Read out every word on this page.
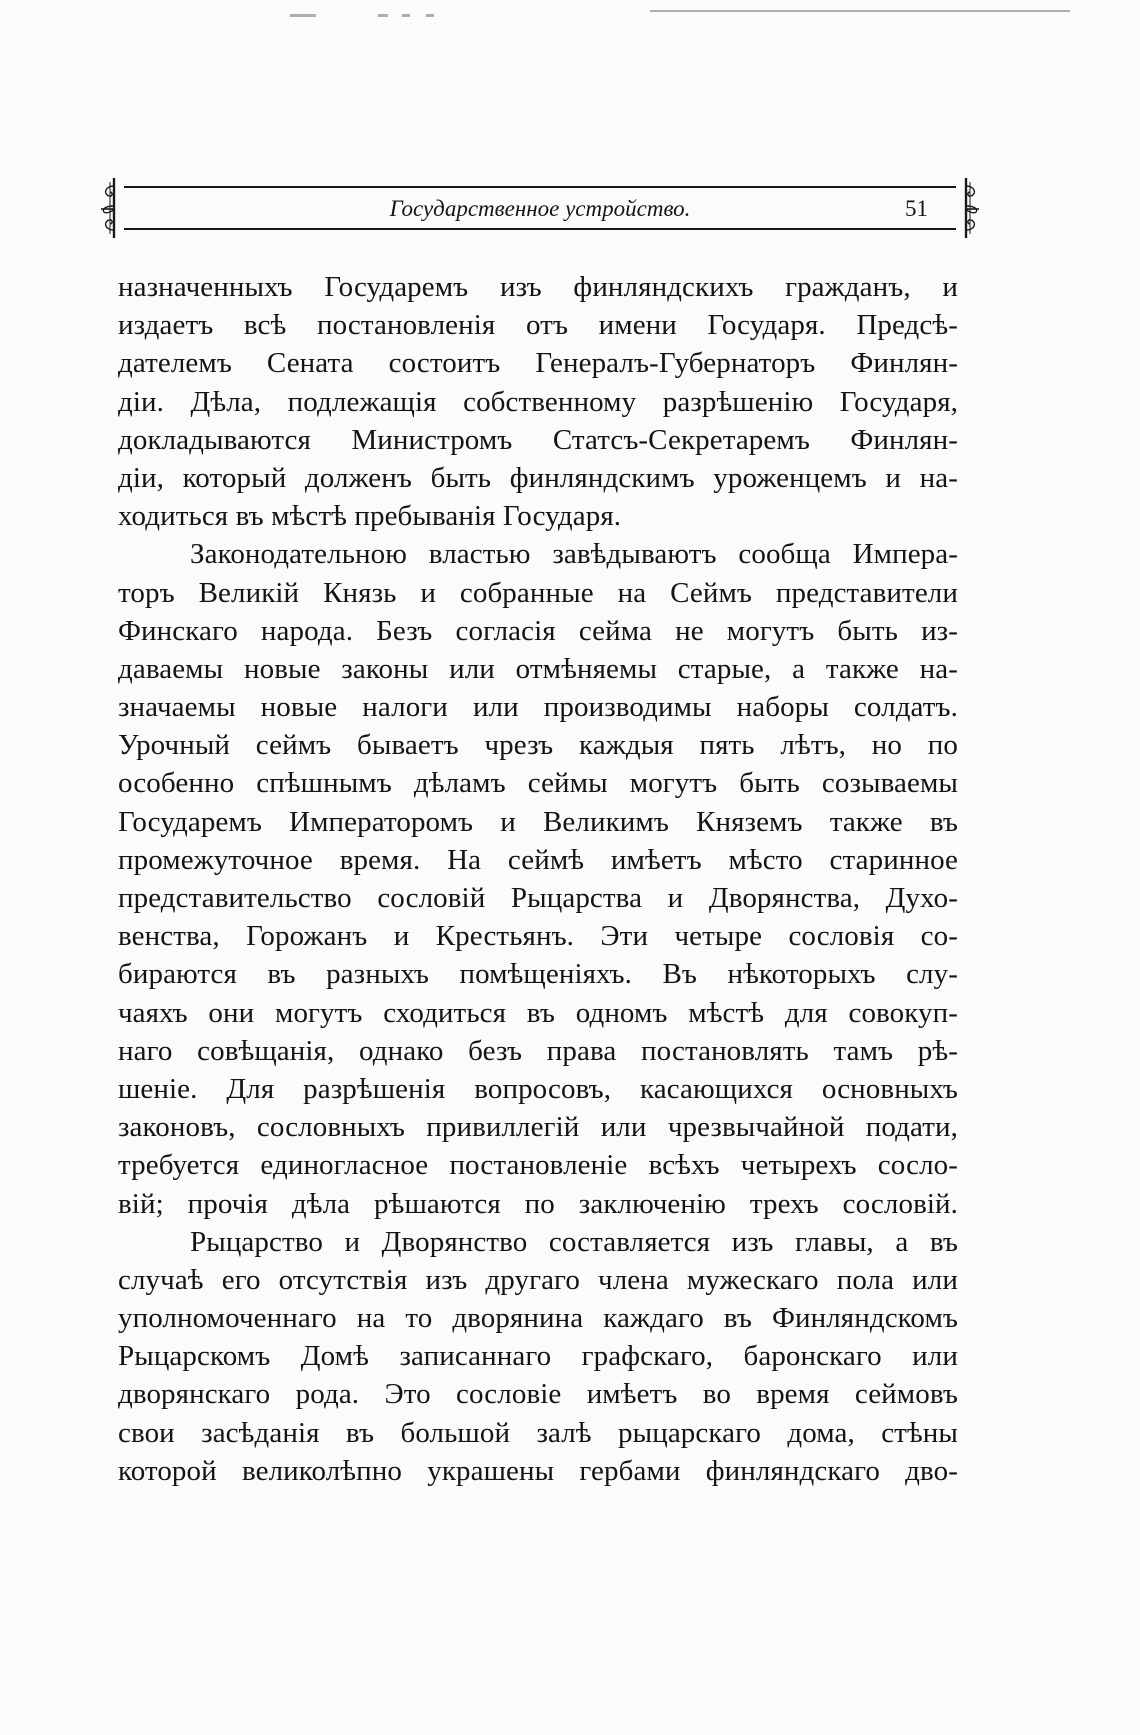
Государственное устройство.	51
назначенныхъ Государемъ изъ финляндскихъ гражданъ, и
издаетъ всѣ постановленія отъ имени Государя. Предсѣ-
дателемъ Сената состоитъ Генералъ-Губернаторъ Финлян-
діи. Дѣла, подлежащія собственному разрѣшенію Государя,
докладываются Министромъ Статсъ-Секретаремъ Финлян-
діи, который долженъ быть финляндскимъ уроженцемъ и на-
ходиться въ мѣстѣ пребыванія Государя.
Законодательною властью завѣдываютъ сообща Импера-
торъ Великій Князь и собранные на Сеймъ представители
Финскаго народа. Безъ согласія сейма не могутъ быть из-
даваемы новые законы или отмѣняемы старые, а также на-
значаемы новые налоги или производимы наборы солдатъ.
Урочный сеймъ бываетъ чрезъ каждыя пять лѣтъ, но по
особенно спѣшнымъ дѣламъ сеймы могутъ быть созываемы
Государемъ Императоромъ и Великимъ Княземъ также въ
промежуточное время. На сеймѣ имѣетъ мѣсто старинное
представительство сословій Рыцарства и Дворянства, Духо-
венства, Горожанъ и Крестьянъ. Эти четыре сословія со-
бираются въ разныхъ помѣщеніяхъ. Въ нѣкоторыхъ слу-
чаяхъ они могутъ сходиться въ одномъ мѣстѣ для совокуп-
наго совѣщанія, однако безъ права постановлять тамъ рѣ-
шеніе. Для разрѣшенія вопросовъ, касающихся основныхъ
законовъ, сословныхъ привиллегій или чрезвычайной подати,
требуется единогласное постановленіе всѣхъ четырехъ сосло-
вій; прочія дѣла рѣшаются по заключенію трехъ сословій.
Рыцарство и Дворянство составляется изъ главы, а въ
случаѣ его отсутствія изъ другаго члена мужескаго пола или
уполномоченнаго на то дворянина каждаго въ Финляндскомъ
Рыцарскомъ Домѣ записаннаго графскаго, баронскаго или
дворянскаго рода. Это сословіе имѣетъ во время сеймовъ
свои засѣданія въ большой залѣ рыцарскаго дома, стѣны
которой великолѣпно украшены гербами финляндскаго дво-
